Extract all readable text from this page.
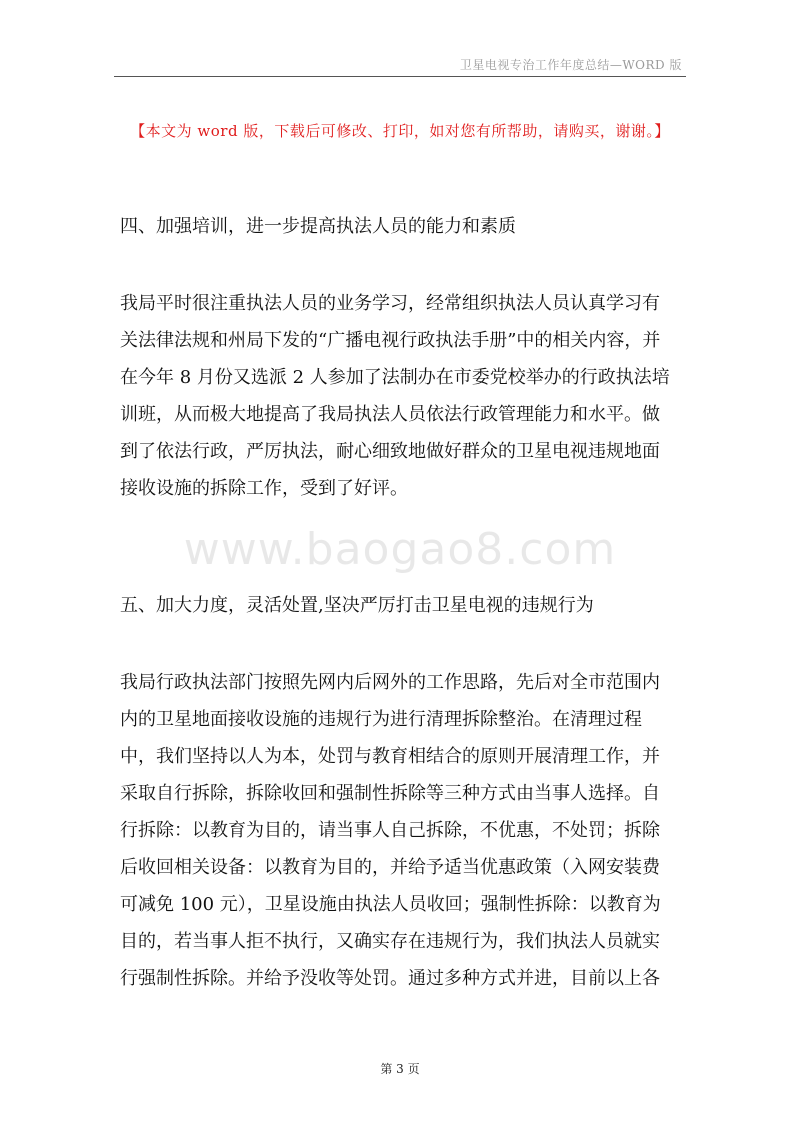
卫星电视专治工作年度总结—WORD 版
【本文为 word 版，下载后可修改、打印，如对您有所帮助，请购买，谢谢。】
四、加强培训，进一步提高执法人员的能力和素质
我局平时很注重执法人员的业务学习，经常组织执法人员认真学习有
关法律法规和州局下发的“广播电视行政执法手册”中的相关内容，并
在今年 8 月份又选派 2 人参加了法制办在市委党校举办的行政执法培
训班，从而极大地提高了我局执法人员依法行政管理能力和水平。做
到了依法行政，严厉执法，耐心细致地做好群众的卫星电视违规地面
接收设施的拆除工作，受到了好评。
www.baogao8.com
五、加大力度，灵活处置,坚决严厉打击卫星电视的违规行为
我局行政执法部门按照先网内后网外的工作思路，先后对全市范围内
内的卫星地面接收设施的违规行为进行清理拆除整治。在清理过程
中，我们坚持以人为本，处罚与教育相结合的原则开展清理工作，并
采取自行拆除，拆除收回和强制性拆除等三种方式由当事人选择。自
行拆除：以教育为目的，请当事人自己拆除，不优惠，不处罚；拆除
后收回相关设备：以教育为目的，并给予适当优惠政策（入网安装费
可减免 100 元），卫星设施由执法人员收回；强制性拆除：以教育为
目的，若当事人拒不执行，又确实存在违规行为，我们执法人员就实
行强制性拆除。并给予没收等处罚。通过多种方式并进，目前以上各
第 3 页
